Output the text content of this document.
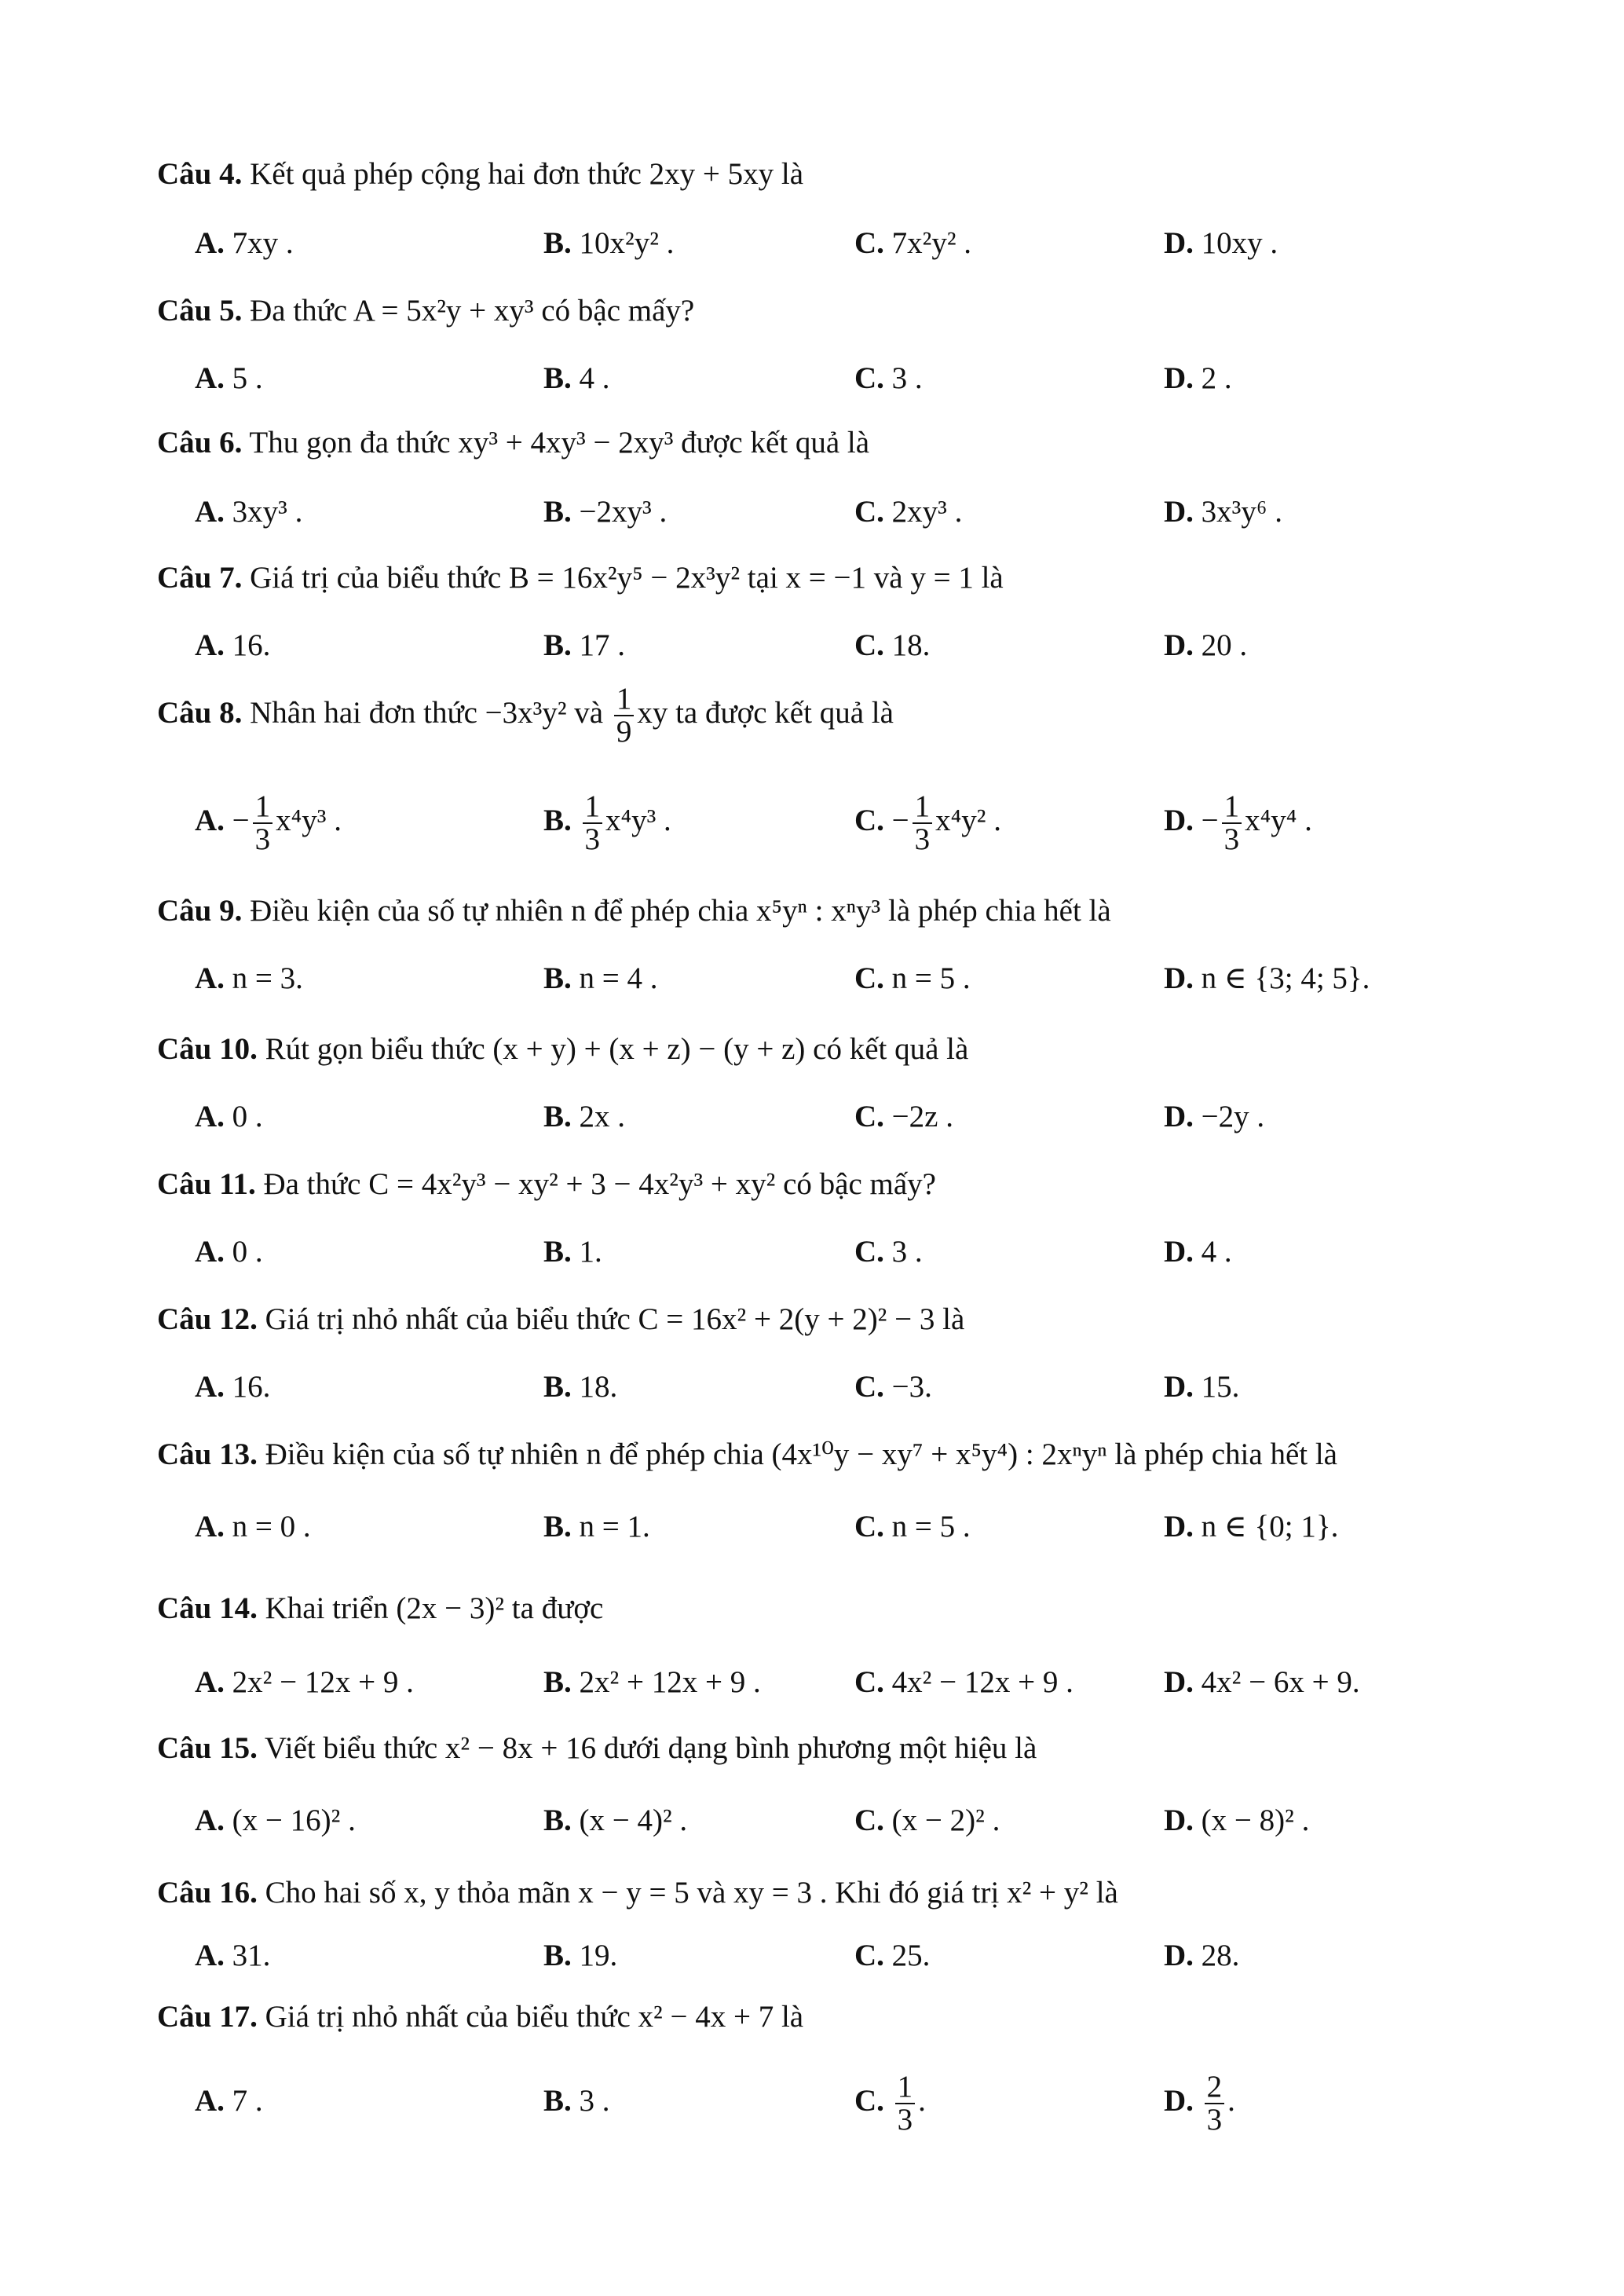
Câu 4. Kết quả phép cộng hai đơn thức 2xy + 5xy là
A. 7xy .	B. 10x²y² .	C. 7x²y² .	D. 10xy .
Câu 5. Đa thức A = 5x²y + xy³ có bậc mấy?
A. 5 .	B. 4 .	C. 3 .	D. 2 .
Câu 6. Thu gọn đa thức xy³ + 4xy³ − 2xy³ được kết quả là
A. 3xy³ .	B. −2xy³ .	C. 2xy³ .	D. 3x³y⁶ .
Câu 7. Giá trị của biểu thức B = 16x²y⁵ − 2x³y² tại x = −1 và y = 1 là
A. 16.	B. 17 .	C. 18.	D. 20 .
Câu 8. Nhân hai đơn thức −3x³y² và $\frac{1}{9}$ xy ta được kết quả là
A. − $\frac{1}{3} x^4y^3$ .	B. $\frac{1}{3} x^4y^3$ .	C. − $\frac{1}{3} x^4y^2$ .	D. − $\frac{1}{3} x^4y^4$ .
Câu 9. Điều kiện của số tự nhiên n để phép chia x⁵yⁿ : xⁿy³ là phép chia hết là
A. n = 3.	B. n = 4 .	C. n = 5 .	D. n ∈ {3; 4; 5}.
Câu 10. Rút gọn biểu thức (x + y) + (x + z) − (y + z) có kết quả là
A. 0 .	B. 2x .	C. −2z .	D. −2y .
Câu 11. Đa thức C = 4x²y³ − xy² + 3 − 4x²y³ + xy² có bậc mấy?
A. 0 .	B. 1.	C. 3 .	D. 4 .
Câu 12. Giá trị nhỏ nhất của biểu thức C = 16x² + 2(y + 2)² − 3 là
A. 16.	B. 18.	C. −3.	D. 15.
Câu 13. Điều kiện của số tự nhiên n để phép chia (4x¹⁰y − xy⁷ + x⁵y⁴) : 2xⁿyⁿ là phép chia hết là
A. n = 0 .	B. n = 1.	C. n = 5 .	D. n ∈ {0; 1}.
Câu 14. Khai triển (2x − 3)² ta được
A. 2x² − 12x + 9 .	B. 2x² + 12x + 9 .	C. 4x² − 12x + 9 .	D. 4x² − 6x + 9.
Câu 15. Viết biểu thức x² − 8x + 16 dưới dạng bình phương một hiệu là
A. (x − 16)² .	B. (x − 4)² .	C. (x − 2)² .	D. (x − 8)² .
Câu 16. Cho hai số x, y thỏa mãn x − y = 5 và xy = 3 . Khi đó giá trị x² + y² là
A. 31.	B. 19.	C. 25.	D. 28.
Câu 17. Giá trị nhỏ nhất của biểu thức x² − 4x + 7 là
A. 7 .	B. 3 .	C. $\frac{1}{3}$ .	D. $\frac{2}{3}$ .
